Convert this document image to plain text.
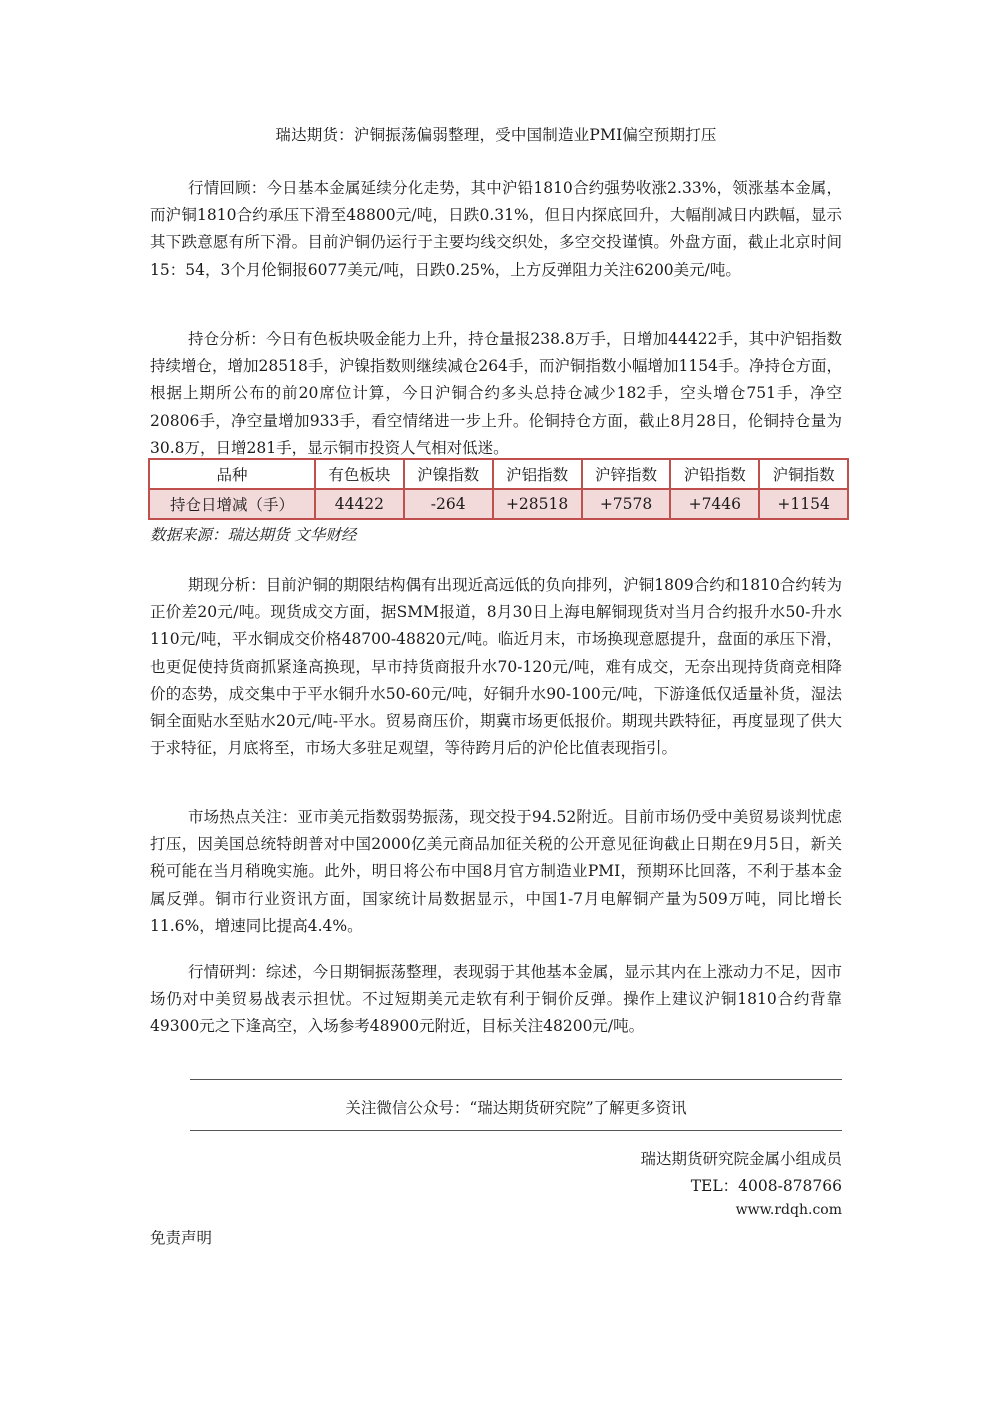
瑞达期货：沪铜振荡偏弱整理，受中国制造业PMI偏空预期打压

行情回顾：今日基本金属延续分化走势，其中沪铅1810合约强势收涨2.33%，领涨基本金属，而沪铜1810合约承压下滑至48800元/吨，日跌0.31%，但日内探底回升，大幅削减日内跌幅，显示其下跌意愿有所下滑。目前沪铜仍运行于主要均线交织处，多空交投谨慎。外盘方面，截止北京时间15：54，3个月伦铜报6077美元/吨，日跌0.25%，上方反弹阻力关注6200美元/吨。

持仓分析：今日有色板块吸金能力上升，持仓量报238.8万手，日增加44422手，其中沪铝指数持续增仓，增加28518手，沪镍指数则继续减仓264手，而沪铜指数小幅增加1154手。净持仓方面，根据上期所公布的前20席位计算，今日沪铜合约多头总持仓减少182手，空头增仓751手，净空20806手，净空量增加933手，看空情绪进一步上升。伦铜持仓方面，截止8月28日，伦铜持仓量为30.8万，日增281手，显示铜市投资人气相对低迷。

品种	有色板块	沪镍指数	沪铝指数	沪锌指数	沪铅指数	沪铜指数
持仓日增减（手）	44422	-264	+28518	+7578	+7446	+1154
数据来源：瑞达期货 文华财经

期现分析：目前沪铜的期限结构偶有出现近高远低的负向排列，沪铜1809合约和1810合约转为正价差20元/吨。现货成交方面，据SMM报道，8月30日上海电解铜现货对当月合约报升水50-升水110元/吨，平水铜成交价格48700-48820元/吨。临近月末，市场换现意愿提升，盘面的承压下滑，也更促使持货商抓紧逢高换现，早市持货商报升水70-120元/吨，难有成交，无奈出现持货商竞相降价的态势，成交集中于平水铜升水50-60元/吨，好铜升水90-100元/吨，下游逢低仅适量补货，湿法铜全面贴水至贴水20元/吨-平水。贸易商压价，期冀市场更低报价。期现共跌特征，再度显现了供大于求特征，月底将至，市场大多驻足观望，等待跨月后的沪伦比值表现指引。

市场热点关注：亚市美元指数弱势振荡，现交投于94.52附近。目前市场仍受中美贸易谈判忧虑打压，因美国总统特朗普对中国2000亿美元商品加征关税的公开意见征询截止日期在9月5日，新关税可能在当月稍晚实施。此外，明日将公布中国8月官方制造业PMI，预期环比回落，不利于基本金属反弹。铜市行业资讯方面，国家统计局数据显示，中国1-7月电解铜产量为509万吨，同比增长11.6%，增速同比提高4.4%。

行情研判：综述，今日期铜振荡整理，表现弱于其他基本金属，显示其内在上涨动力不足，因市场仍对中美贸易战表示担忧。不过短期美元走软有利于铜价反弹。操作上建议沪铜1810合约背靠49300元之下逢高空，入场参考48900元附近，目标关注48200元/吨。

关注微信公众号：“瑞达期货研究院”了解更多资讯
瑞达期货研究院金属小组成员
TEL：4008-878766
www.rdqh.com
免责声明
